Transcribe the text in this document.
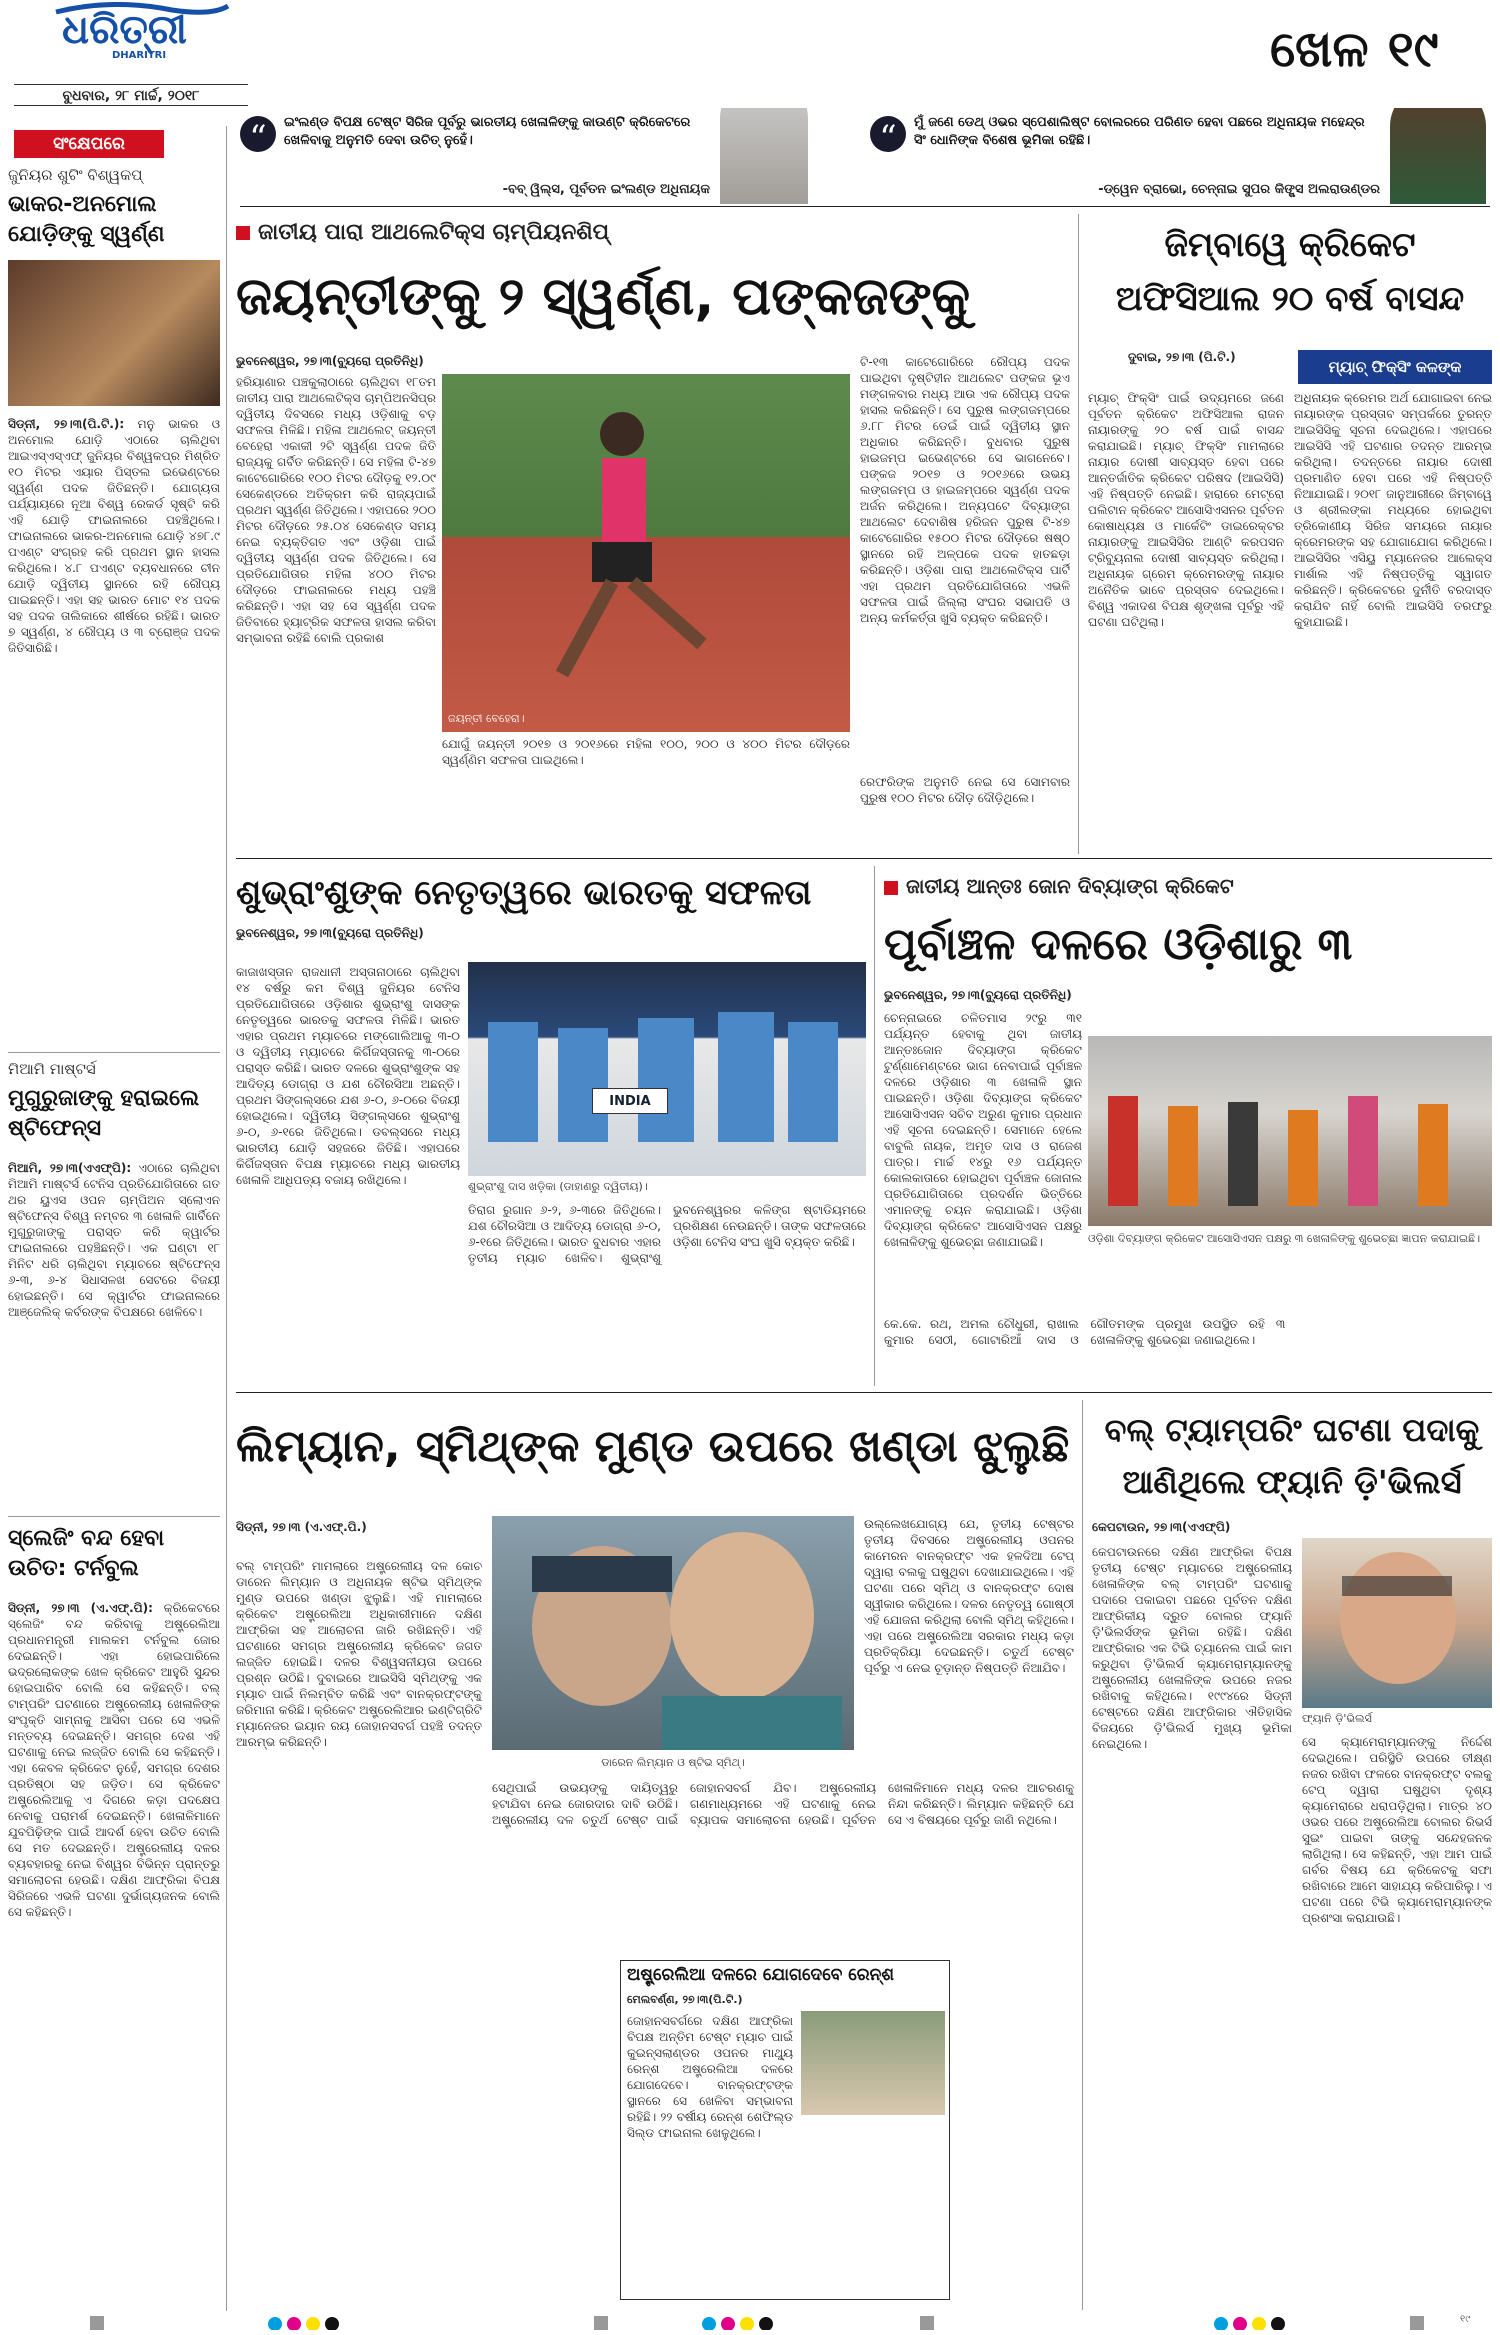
ଧରିତ୍ରୀ
DHARITRI
ବୁଧବାର, ୨୮ ମାର୍ଚ୍ଚ, ୨୦୧୮
ଖେଳ ୧୯
“	ଇଂଲଣ୍ଡ ବିପକ୍ଷ ଟେଷ୍ଟ ସିରିଜ ପୂର୍ବରୁ ଭାରତୀୟ ଖେଳାଳିଙ୍କୁ କାଉଣ୍ଟି କ୍ରିକେଟରେ ଖେଳିବାକୁ ଅନୁମତି ଦେବା ଉଚିତ୍ ନୁହେଁ।
-ବବ୍ ୱିଲ୍ସ, ପୂର୍ବତନ ଇଂଲଣ୍ଡ ଅଧିନାୟକ
“	ମୁଁ ଜଣେ ଡେଥ୍ ଓଭର ସ୍ପେଶାଲିଷ୍ଟ ବୋଲରରେ ପରିଣତ ହେବା ପଛରେ ଅଧିନାୟକ ମହେନ୍ଦ୍ର ସିଂ ଧୋନିଙ୍କ ବିଶେଷ ଭୂମିକା ରହିଛି।
-ଡ୍ୱେନ ବ୍ରାଭୋ, ଚେନ୍ନାଇ ସୁପର କିଙ୍ଗ୍ସ ଅଲରାଉଣ୍ଡର
ସଂକ୍ଷେପରେ
ଜୁନିୟର ଶୁଟିଂ ବିଶ୍ୱକପ୍
ଭାକର-ଅନମୋଲ ଯୋଡ଼ିଙ୍କୁ ସ୍ୱର୍ଣ୍ଣ
ସିଡ୍‌ନୀ, ୨୭।୩(ପି.ଟି.): ମନୁ ଭାକର ଓ ଅନମୋଲ ଯୋଡ଼ି ଏଠାରେ ଚାଲିଥିବା ଆଇଏସ୍‌ଏସ୍‌ଏଫ୍ ଜୁନିୟର ବିଶ୍ୱକପ୍‌ର ମିଶ୍ରିତ ୧୦ ମିଟର ଏୟାର ପିସ୍ତଲ ଇଭେଣ୍ଟରେ ସ୍ୱର୍ଣ୍ଣ ପଦକ ଜିତିଛନ୍ତି। ଯୋଗ୍ୟତା ପର୍ଯ୍ୟାୟରେ ନୂଆ ବିଶ୍ୱ ରେକର୍ଡ ସୃଷ୍ଟି କରି ଏହି ଯୋଡ଼ି ଫାଇନାଲରେ ପହଞ୍ଚିଥିଲେ। ଫାଇନାଲରେ ଭାକର-ଅନମୋଲ ଯୋଡ଼ି ୪୭୮.୯ ପଏଣ୍ଟ ସଂଗ୍ରହ କରି ପ୍ରଥମ ସ୍ଥାନ ହାସଲ କରିଥିଲେ। ୪.୮ ପଏଣ୍ଟ ବ୍ୟବଧାନରେ ଚୀନ ଯୋଡ଼ି ଦ୍ୱିତୀୟ ସ୍ଥାନରେ ରହି ରୌପ୍ୟ ପାଇଛନ୍ତି। ଏହା ସହ ଭାରତ ମୋଟ ୧୪ ପଦକ ସହ ପଦକ ତାଲିକାରେ ଶୀର୍ଷରେ ରହିଛି। ଭାରତ ୭ ସ୍ୱର୍ଣ୍ଣ, ୪ ରୌପ୍ୟ ଓ ୩ ବ୍ରୋଞ୍ଜ ପଦକ ଜିତିସାରିଛି।
ମିଆମି ମାଷ୍ଟର୍ସ
ମୁଗୁରୁଜାଙ୍କୁ ହରାଇଲେ ଷ୍ଟିଫେନ୍ସ
ମିଆମି, ୨୭।୩(ଏଏଫ୍‌ପି): ଏଠାରେ ଚାଲିଥିବା ମିଆମି ମାଷ୍ଟର୍ସ ଟେନିସ ପ୍ରତିଯୋଗିତାରେ ଗତ ଥର ୟୁଏସ ଓପନ ଚାମ୍ପିଅନ ସ୍ଲୋଏନ ଷ୍ଟିଫେନ୍ସ ବିଶ୍ୱ ନମ୍ବର ୩ ଖେଳାଳି ଗାର୍ବିନେ ମୁଗୁରୁଜାଙ୍କୁ ପରାସ୍ତ କରି କ୍ୱାର୍ଟର ଫାଇନାଲରେ ପହଞ୍ଚିଛନ୍ତି। ଏକ ଘଣ୍ଟା ୧୮ ମିନିଟ ଧରି ଚାଲିଥିବା ମ୍ୟାଚରେ ଷ୍ଟିଫେନ୍ସ ୬-୩, ୬-୪ ସିଧାସଳଖ ସେଟରେ ବିଜୟୀ ହୋଇଛନ୍ତି। ସେ କ୍ୱାର୍ଟର ଫାଇନାଲରେ ଆଞ୍ଜେଲିକ୍ କର୍ବରଙ୍କ ବିପକ୍ଷରେ ଖେଳିବେ।
ସ୍ଲେଜିଂ ବନ୍ଦ ହେବା ଉଚିତ: ଟର୍ନବୁଲ
ସିଡ୍‌ନୀ, ୨୭।୩ (ଏ.ଏଫ୍.ପି): କ୍ରିକେଟରେ ସ୍ଲେଜିଂ ବନ୍ଦ କରିବାକୁ ଅଷ୍ଟ୍ରେଲିଆ ପ୍ରଧାନମନ୍ତ୍ରୀ ମାଲକମ ଟର୍ନବୁଲ ଜୋର ଦେଇଛନ୍ତି। ଏହା ହୋଇପାରିଲେ ଭଦ୍ରଲୋକଙ୍କ ଖେଳ କ୍ରିକେଟ ଆହୁରି ସୁନ୍ଦର ହୋଇପାରିବ ବୋଲି ସେ କହିଛନ୍ତି। ବଲ୍ ଟାମ୍ପରିଂ ଘଟଣାରେ ଅଷ୍ଟ୍ରେଲୀୟ ଖେଳାଳିଙ୍କ ସଂପୃକ୍ତି ସାମ୍ନାକୁ ଆସିବା ପରେ ସେ ଏଭଳି ମନ୍ତବ୍ୟ ଦେଇଛନ୍ତି। ସମଗ୍ର ଦେଶ ଏହି ଘଟଣାକୁ ନେଇ ଲଜ୍ଜିତ ବୋଲି ସେ କହିଛନ୍ତି। ଏହା କେବଳ କ୍ରିକେଟ ନୁହେଁ, ସମଗ୍ର ଦେଶର ପ୍ରତିଷ୍ଠା ସହ ଜଡ଼ିତ। ସେ କ୍ରିକେଟ ଅଷ୍ଟ୍ରେଲିଆକୁ ଏ ଦିଗରେ କଡ଼ା ପଦକ୍ଷେପ ନେବାକୁ ପରାମର୍ଶ ଦେଇଛନ୍ତି। ଖେଳାଳିମାନେ ଯୁବପିଢ଼ିଙ୍କ ପାଇଁ ଆଦର୍ଶ ହେବା ଉଚିତ ବୋଲି ସେ ମତ ଦେଇଛନ୍ତି। ଅଷ୍ଟ୍ରେଲୀୟ ଦଳର ବ୍ୟବହାରକୁ ନେଇ ବିଶ୍ୱର ବିଭିନ୍ନ ପ୍ରାନ୍ତରୁ ସମାଲୋଚନା ହେଉଛି। ଦକ୍ଷିଣ ଆଫ୍ରିକା ବିପକ୍ଷ ସିରିଜରେ ଏଭଳି ଘଟଣା ଦୁର୍ଭାଗ୍ୟଜନକ ବୋଲି ସେ କହିଛନ୍ତି।
ଜାତୀୟ ପାରା ଆଥଲେଟିକ୍ସ ଚାମ୍ପିୟନଶିପ୍
ଜୟନ୍ତୀଙ୍କୁ ୨ ସ୍ୱର୍ଣ୍ଣ, ପଙ୍କଜଙ୍କୁ
ଭୁବନେଶ୍ୱର, ୨୭।୩(ବ୍ୟୁରୋ ପ୍ରତିନିଧି)
ହରିୟାଣାର ପଞ୍ଚକୁଲାଠାରେ ଚାଲିଥିବା ୧୮ତମ ଜାତୀୟ ପାରା ଆଥଲେଟିକ୍ସ ଚାମ୍ପିଅନସିପ୍‌ର ଦ୍ୱିତୀୟ ଦିବସରେ ମଧ୍ୟ ଓଡ଼ିଶାକୁ ବଡ଼ ସଫଳତା ମିଳିଛି। ମହିଳା ଆଥଲେଟ୍ ଜୟନ୍ତୀ ବେହେରା ଏକାକୀ ୨ଟି ସ୍ୱର୍ଣ୍ଣ ପଦକ ଜିତି ରାଜ୍ୟକୁ ଗର୍ବିତ କରିଛନ୍ତି। ସେ ମହିଳା ଟି-୪୭ କାଟେଗୋରିରେ ୧୦୦ ମିଟର ଦୌଡ଼କୁ ୧୨.୦୯ ସେକେଣ୍ଡରେ ଅତିକ୍ରମ କରି ରାଜ୍ୟପାଇଁ ପ୍ରଥମ ସ୍ୱର୍ଣ୍ଣ ଜିତିଥିଲେ। ଏହାପରେ ୨୦୦ ମିଟର ଦୌଡ଼ରେ ୨୫.୦୪ ସେକେଣ୍ଡ ସମୟ ନେଇ ବ୍ୟକ୍ତିଗତ ଏବଂ ଓଡ଼ିଶା ପାଇଁ ଦ୍ୱିତୀୟ ସ୍ୱର୍ଣ୍ଣ ପଦକ ଜିତିଥିଲେ। ସେ ପ୍ରତିଯୋଗିତାର ମହିଳା ୪୦୦ ମିଟର ଦୌଡ଼ରେ ଫାଇନାଲରେ ମଧ୍ୟ ପହଞ୍ଚି କରିଛନ୍ତି। ଏହା ସହ ସେ ସ୍ୱର୍ଣ୍ଣ ପଦକ ଜିତିବାରେ ହ୍ୟାଟ୍ରିକ ସଫଳତା ହାସଲ କରିବା ସମ୍ଭାବନା ରହିଛି ବୋଲି ପ୍ରକାଶ
ଜୟନ୍ତୀ ବେହେରା।
ଯୋଗୁଁ ଜୟନ୍ତୀ ୨୦୧୭ ଓ ୨୦୧୬ରେ ମହିଳା ୧୦୦, ୨୦୦ ଓ ୪୦୦ ମିଟର ଦୌଡ଼ରେ ସ୍ୱର୍ଣ୍ଣିମ ସଫଳତା ପାଇଥିଲେ।
ଟି-୧୩ କାଟେଗୋରିରେ ରୌପ୍ୟ ପଦକ ପାଇଥିବା ଦୃଷ୍ଟିହୀନ ଆଥଲେଟ ପଙ୍କଜ ଭୂଏ ମଙ୍ଗଳବାର ମଧ୍ୟ ଆଉ ଏକ ରୌପ୍ୟ ପଦକ ହାସଲ କରିଛନ୍ତି। ସେ ପୁରୁଷ ଲଙ୍ଗଜମ୍ପରେ ୬.୮୮ ମିଟର ଡେଇଁ ପାଇଁ ଦ୍ୱିତୀୟ ସ୍ଥାନ ଅଧିକାର କରିଛନ୍ତି। ବୁଧବାର ପୁରୁଷ ହାଇଜମ୍ପ ଇଭେଣ୍ଟରେ ସେ ଭାଗନେବେ। ପଙ୍କଜ ୨୦୧୭ ଓ ୨୦୧୬ରେ ଉଭୟ ଲଙ୍ଗଜମ୍ପ ଓ ହାଇଜମ୍ପରେ ସ୍ୱର୍ଣ୍ଣ ପଦକ ଅର୍ଜନ କରିଥିଲେ। ଅନ୍ୟପଟେ ଦିବ୍ୟାଙ୍ଗ ଆଥଲେଟ ଦେବାଶିଷ ହରିଜନ ପୁରୁଷ ଟି-୪୭ କାଟେଗୋରିର ୧୫୦୦ ମିଟର ଦୌଡ଼ରେ ଷଷ୍ଠ ସ୍ଥାନରେ ରହି ଅଳ୍ପକେ ପଦକ ହାତଛଡ଼ା କରିଛନ୍ତି। ଓଡ଼ିଶା ପାରା ଆଥଲେଟିକ୍ସ ପାର୍ଟି ଏହା ପ୍ରଥମ ପ୍ରତିଯୋଗିତାରେ ଏଭଳି ସଫଳତା ପାଇଁ ଜିଲ୍ଲା ସଂଘର ସଭାପତି ଓ ଅନ୍ୟ କର୍ମକର୍ତ୍ତା ଖୁସି ବ୍ୟକ୍ତ କରିଛନ୍ତି।
ରେଫରିଙ୍କ ଅନୁମତି ନେଇ ସେ ସୋମବାର ପୁରୁଷ ୧୦୦ ମିଟର ଦୌଡ଼ ଦୌଡ଼ିଥିଲେ।
ଜିମ୍ବାୱେ କ୍ରିକେଟ ଅଫିସିଆଲ ୨୦ ବର୍ଷ ବାସନ୍ଦ
ଦୁବାଇ, ୨୭।୩ (ପି.ଟି.)
ମ୍ୟାଚ୍ ଫିକ୍ସିଂ କଳଙ୍କ
ମ୍ୟାଚ୍ ଫିକ୍ସିଂ ପାଇଁ ଉଦ୍ୟମରେ ଜଣେ ପୂର୍ବତନ କ୍ରିକେଟ ଅଫିସିଆଲ ରାଜନ ନାୟାରଙ୍କୁ ୨୦ ବର୍ଷ ପାଇଁ ବାସନ୍ଦ କରାଯାଇଛି। ମ୍ୟାଚ୍ ଫିକ୍ସିଂ ମାମଲାରେ ନାୟାର ଦୋଷୀ ସାବ୍ୟସ୍ତ ହେବା ପରେ ଆନ୍ତର୍ଜାତିକ କ୍ରିକେଟ ପରିଷଦ (ଆଇସିସି) ଏହି ନିଷ୍ପତ୍ତି ନେଇଛି। ହାରାରେ ମେଟ୍ରୋ ପଲିଟାନ କ୍ରିକେଟ ଆସୋସିଏସନର ପୂର୍ବତନ କୋଷାଧ୍ୟକ୍ଷ ଓ ମାର୍କେଟିଂ ଡାଇରେକ୍ଟର ନାୟାରଙ୍କୁ ଆଇସିସିର ଆଣ୍ଟି କରପସନ ଟ୍ରିବ୍ୟୁନାଲ ଦୋଷୀ ସାବ୍ୟସ୍ତ କରିଥିଲା। ଅଧିନାୟକ ଗ୍ରେମ କ୍ରେମରଙ୍କୁ ନାୟାର ଅନୈତିକ ଭାବେ ପ୍ରସ୍ତାବ ଦେଇଥିଲେ। ବିଶ୍ୱ ଏକାଦଶ ବିପକ୍ଷ ଶୃଙ୍ଖଳା ପୂର୍ବରୁ ଏହି ଘଟଣା ଘଟିଥିଲା।
ଅଧିନାୟକ କ୍ରେମର ଅର୍ଥ ଯୋଗାଇବା ନେଇ ନାୟାରଙ୍କ ପ୍ରସ୍ତାବ ସମ୍ପର୍କରେ ତୁରନ୍ତ ଆଇସିସିକୁ ସୂଚନା ଦେଇଥିଲେ। ଏହାପରେ ଆଇସିସି ଏହି ଘଟଣାର ତଦନ୍ତ ଆରମ୍ଭ କରିଥିଲା। ତଦନ୍ତରେ ନାୟାର ଦୋଷୀ ପ୍ରମାଣିତ ହେବା ପରେ ଏହି ନିଷ୍ପତ୍ତି ନିଆଯାଇଛି। ୨୦୧୮ ଜାନୁଆରୀରେ ଜିମ୍ବାୱେ ଓ ଶ୍ରୀଲଙ୍କା ମଧ୍ୟରେ ହୋଇଥିବା ତ୍ରିକୋଣୀୟ ସିରିଜ ସମୟରେ ନାୟାର କ୍ରେମରଙ୍କ ସହ ଯୋଗାଯୋଗ କରିଥିଲେ। ଆଇସିସିର ଏସିୟୁ ମ୍ୟାନେଜର ଆଲେକ୍ସ ମାର୍ଶାଲ ଏହି ନିଷ୍ପତ୍ତିକୁ ସ୍ୱାଗତ କରିଛନ୍ତି। କ୍ରିକେଟରେ ଦୁର୍ନୀତି ବରଦାସ୍ତ କରାଯିବ ନାହିଁ ବୋଲି ଆଇସିସି ତରଫରୁ କୁହାଯାଇଛି।
ଶୁଭ୍ରାଂଶୁଙ୍କ ନେତୃତ୍ୱରେ ଭାରତକୁ ସଫଳତା
ଭୁବନେଶ୍ୱର, ୨୭।୩(ବ୍ୟୁରୋ ପ୍ରତିନିଧି)
କାଜାଖସ୍ତାନ ରାଜଧାନୀ ଅସ୍ତାନାଠାରେ ଚାଲିଥିବା ୧୪ ବର୍ଷରୁ କମ ବିଶ୍ୱ ଜୁନିୟର ଟେନିସ ପ୍ରତିଯୋଗିତାରେ ଓଡ଼ିଶାର ଶୁଭ୍ରାଂଶୁ ଦାସଙ୍କ ନେତୃତ୍ୱରେ ଭାରତକୁ ସଫଳତା ମିଳିଛି। ଭାରତ ଏହାର ପ୍ରଥମ ମ୍ୟାଚରେ ମଙ୍ଗୋଲିଆକୁ ୩-୦ ଓ ଦ୍ୱିତୀୟ ମ୍ୟାଚରେ କିର୍ଗିଜସ୍ତାନକୁ ୩-୦ରେ ପରାସ୍ତ କରିଛି। ଭାରତ ଦଳରେ ଶୁଭ୍ରାଂଶୁଙ୍କ ସହ ଆଦିତ୍ୟ ଡୋଗ୍ରା ଓ ଯଶ ଚୌରସିଆ ଅଛନ୍ତି। ପ୍ରଥମ ସିଙ୍ଗଲ୍ସରେ ଯଶ ୬-୦, ୬-୦ରେ ବିଜୟୀ ହୋଇଥିଲେ। ଦ୍ୱିତୀୟ ସିଙ୍ଗଲ୍ସରେ ଶୁଭ୍ରାଂଶୁ ୬-୦, ୬-୧ରେ ଜିତିଥିଲେ। ଡବଲ୍ସରେ ମଧ୍ୟ ଭାରତୀୟ ଯୋଡ଼ି ସହଜରେ ଜିତିଛି। ଏହାପରେ କିର୍ଗିଜସ୍ତାନ ବିପକ୍ଷ ମ୍ୟାଚରେ ମଧ୍ୟ ଭାରତୀୟ ଖେଳାଳି ଆଧିପତ୍ୟ ବଜାୟ ରଖିଥିଲେ।
INDIA
ଶୁଭ୍ରାଂଶୁ ଦାସ ଖଡ଼ିକା (ଡାହାଣରୁ ଦ୍ୱିତୀୟ)।
ତିରାଗ ରୁଗାନ ୬-୨, ୬-୩ରେ ଜିତିଥିଲେ। ଯଶ ଚୌରସିଆ ଓ ଆଦିତ୍ୟ ଡୋଗ୍ରା ୬-୦, ୬-୧ରେ ଜିତିଥିଲେ। ଭାରତ ବୁଧବାର ଏହାର ତୃତୀୟ ମ୍ୟାଚ ଖେଳିବ। ଶୁଭ୍ରାଂଶୁ ଭୁବନେଶ୍ୱରର କଳିଙ୍ଗ ଷ୍ଟାଡିୟମରେ ପ୍ରଶିକ୍ଷଣ ନେଉଛନ୍ତି। ତାଙ୍କ ସଫଳତାରେ ଓଡ଼ିଶା ଟେନିସ ସଂଘ ଖୁସି ବ୍ୟକ୍ତ କରିଛି।
ଜାତୀୟ ଆନ୍ତଃ ଜୋନ ଦିବ୍ୟାଙ୍ଗ କ୍ରିକେଟ
ପୂର୍ବାଞ୍ଚଳ ଦଳରେ ଓଡ଼ିଶାରୁ ୩
ଭୁବନେଶ୍ୱର, ୨୭।୩(ବ୍ୟୁରୋ ପ୍ରତିନିଧି)
ଚେନ୍ନାଇରେ ଚଳିତମାସ ୨୯ରୁ ୩୧ ପର୍ଯ୍ୟନ୍ତ ହେବାକୁ ଥିବା ଜାତୀୟ ଆନ୍ତଃଜୋନ ଦିବ୍ୟାଙ୍ଗ କ୍ରିକେଟ ଟୁର୍ଣ୍ଣାମେଣ୍ଟରେ ଭାଗ ନେବାପାଇଁ ପୂର୍ବାଞ୍ଚଳ ଦଳରେ ଓଡ଼ିଶାର ୩ ଖେଳାଳି ସ୍ଥାନ ପାଇଛନ୍ତି। ଓଡ଼ିଶା ଦିବ୍ୟାଙ୍ଗ କ୍ରିକେଟ ଆସୋସିଏସନ ସଚିବ ଅରୁଣ କୁମାର ପ୍ରଧାନ ଏହି ସୂଚନା ଦେଇଛନ୍ତି। ସେମାନେ ହେଲେ ବାବୁଲି ନାୟକ, ଅମୃତ ଦାସ ଓ ରାଜେଶ ପାତ୍ର। ମାର୍ଚ୍ଚ ୧୪ରୁ ୧୬ ପର୍ଯ୍ୟନ୍ତ କୋଲକାତାରେ ହୋଇଥିବା ପୂର୍ବାଞ୍ଚଳ ଜୋନାଲ ପ୍ରତିଯୋଗିତାରେ ପ୍ରଦର୍ଶନ ଭିତ୍ତିରେ ଏମାନଙ୍କୁ ଚୟନ କରାଯାଇଛି। ଓଡ଼ିଶା ଦିବ୍ୟାଙ୍ଗ କ୍ରିକେଟ ଆସୋସିଏସନ ପକ୍ଷରୁ ଖେଳାଳିଙ୍କୁ ଶୁଭେଚ୍ଛା ଜଣାଯାଇଛି।	ଓଡ଼ିଶା ଦିବ୍ୟାଙ୍ଗ କ୍ରିକେଟ ଆସୋସିଏସନ ପକ୍ଷରୁ ୩ ଖେଳାଳିଙ୍କୁ ଶୁଭେଚ୍ଛା ଜ୍ଞାପନ କରାଯାଇଛି।
କେ.କେ. ରଥ, ଅମଲ ଚୌଧୁରୀ, ରାଖାଲ କୁମାର ସେଠୀ, ଗୋଟାରିଆଁ ଦାସ ଓ ଗୌତମଙ୍କ ପ୍ରମୁଖ ଉପସ୍ଥିତ ରହି ୩ ଖେଳାଳିଙ୍କୁ ଶୁଭେଚ୍ଛା ଜଣାଇଥିଲେ।
ଲିମ୍ୟାନ, ସ୍ମିଥ୍‌ଙ୍କ ମୁଣ୍ଡ ଉପରେ ଖଣ୍ଡା ଝୁଲୁଛି
ସିଡ୍‌ନୀ, ୨୭।୩ (ଏ.ଏଫ୍.ପି.)
ବଲ୍ ଟାମ୍ପରିଂ ମାମଲାରେ ଅଷ୍ଟ୍ରେଲୀୟ ଦଳ କୋଚ ଡାରେନ ଲିମ୍ୟାନ ଓ ଅଧିନାୟକ ଷ୍ଟିଭ ସ୍ମିଥ୍‌ଙ୍କ ମୁଣ୍ଡ ଉପରେ ଖଣ୍ଡା ଝୁଲୁଛି। ଏହି ମାମଲାରେ କ୍ରିକେଟ ଅଷ୍ଟ୍ରେଲିଆ ଅଧିକାରୀମାନେ ଦକ୍ଷିଣ ଆଫ୍ରିକା ସହ ଆଲୋଚନା ଜାରି ରଖିଛନ୍ତି। ଏହି ଘଟଣାରେ ସମଗ୍ର ଅଷ୍ଟ୍ରେଲୀୟ କ୍ରିକେଟ ଜଗତ ଲଜ୍ଜିତ ହୋଇଛି। ଦଳର ବିଶ୍ୱସନୀୟତା ଉପରେ ପ୍ରଶ୍ନ ଉଠିଛି। ଦୁବାଇରେ ଆଇସିସି ସ୍ମିଥ୍‌ଙ୍କୁ ଏକ ମ୍ୟାଚ ପାଇଁ ନିଲମ୍ବିତ କରିଛି ଏବଂ ବାନକ୍ରଫ୍ଟଙ୍କୁ ଜରିମାନା କରିଛି। କ୍ରିକେଟ ଅଷ୍ଟ୍ରେଲିଆର ଇଣ୍ଟିଗ୍ରିଟି ମ୍ୟାନେଜର ଇୟାନ ରୟ ଜୋହାନସବର୍ଗ ପହଞ୍ଚି ତଦନ୍ତ ଆରମ୍ଭ କରିଛନ୍ତି।
ଡାରେନ ଲିମ୍ୟାନ ଓ ଷ୍ଟିଭ ସ୍ମିଥ୍।
ଉଲ୍ଲେଖଯୋଗ୍ୟ ଯେ, ତୃତୀୟ ଟେଷ୍ଟର ତୃତୀୟ ଦିବସରେ ଅଷ୍ଟ୍ରେଲୀୟ ଓପନର କାମେରନ ବାନକ୍ରଫ୍ଟ ଏକ ହଳଦିଆ ଟେପ୍ ଦ୍ୱାରା ବଲକୁ ଘଷୁଥିବା ଦେଖାଯାଇଥିଲେ। ଏହି ଘଟଣା ପରେ ସ୍ମିଥ୍ ଓ ବାନକ୍ରଫ୍ଟ ଦୋଷ ସ୍ୱୀକାର କରିଥିଲେ। ଦଳର ନେତୃତ୍ୱ ଗୋଷ୍ଠୀ ଏହି ଯୋଜନା କରିଥିଲା ବୋଲି ସ୍ମିଥ୍ କହିଥିଲେ। ଏହା ପରେ ଅଷ୍ଟ୍ରେଲିଆ ସରକାର ମଧ୍ୟ କଡ଼ା ପ୍ରତିକ୍ରିୟା ଦେଇଛନ୍ତି। ଚତୁର୍ଥ ଟେଷ୍ଟ ପୂର୍ବରୁ ଏ ନେଇ ଚୂଡ଼ାନ୍ତ ନିଷ୍ପତ୍ତି ନିଆଯିବ।
ସେଥିପାଇଁ ଉଭୟଙ୍କୁ ଦାୟିତ୍ୱରୁ ହଟାଯିବା ନେଇ ଜୋରଦାର ଦାବି ଉଠିଛି। ଅଷ୍ଟ୍ରେଲୀୟ ଦଳ ଚତୁର୍ଥ ଟେଷ୍ଟ ପାଇଁ ଜୋହାନସବର୍ଗ ଯିବ। ଅଷ୍ଟ୍ରେଲୀୟ ଗଣମାଧ୍ୟମରେ ଏହି ଘଟଣାକୁ ନେଇ ବ୍ୟାପକ ସମାଲୋଚନା ହେଉଛି। ପୂର୍ବତନ ଖେଳାଳିମାନେ ମଧ୍ୟ ଦଳର ଆଚରଣକୁ ନିନ୍ଦା କରିଛନ୍ତି। ଲିମ୍ୟାନ କହିଛନ୍ତି ଯେ ସେ ଏ ବିଷୟରେ ପୂର୍ବରୁ ଜାଣି ନଥିଲେ।
ଅଷ୍ଟ୍ରେଲିଆ ଦଳରେ ଯୋଗଦେବେ ରେନ୍‌ଶ
ମେଲବର୍ଣ୍ଣ, ୨୭।୩(ପି.ଟି.)
ଜୋହାନସବର୍ଗରେ ଦକ୍ଷିଣ ଆଫ୍ରିକା ବିପକ୍ଷ ଅନ୍ତିମ ଟେଷ୍ଟ ମ୍ୟାଚ ପାଇଁ କୁଇନ୍‌ସଲାଣ୍ଡର ଓପନର ମାଥ୍ୟୁ ରେନ୍‌ଶ ଅଷ୍ଟ୍ରେଲିଆ ଦଳରେ ଯୋଗଦେବେ। ବାନକ୍ରଫ୍ଟଙ୍କ ସ୍ଥାନରେ ସେ ଖେଳିବା ସମ୍ଭାବନା ରହିଛି। ୨୨ ବର୍ଷୀୟ ରେନ୍‌ଶ ଶେଫିଲ୍ଡ ସିଲ୍ଡ ଫାଇନାଲ ଖେଳୁଥିଲେ।
ବଲ୍ ଟ୍ୟାମ୍ପରିଂ ଘଟଣା ପଦାକୁ ଆଣିଥିଲେ ଫ୍ୟାନି ଡ଼ି'ଭିଲର୍ସ
କେପଟାଉନ, ୨୭।୩(ଏଏଫ୍‌ପି)
ଫ୍ୟାନି ଡ଼ି'ଭିଲର୍ସ
କେପଟାଉନରେ ଦକ୍ଷିଣ ଆଫ୍ରିକା ବିପକ୍ଷ ତୃତୀୟ ଟେଷ୍ଟ ମ୍ୟାଚରେ ଅଷ୍ଟ୍ରେଲୀୟ ଖେଳାଳିଙ୍କ ବଲ୍ ଟାମ୍ପରିଂ ଘଟଣାକୁ ପଦାରେ ପକାଇବା ପଛରେ ପୂର୍ବତନ ଦକ୍ଷିଣ ଆଫ୍ରିକୀୟ ଦ୍ରୁତ ବୋଲର ଫ୍ୟାନି ଡ଼ି'ଭିଲର୍ସଙ୍କ ଭୂମିକା ରହିଛି। ଦକ୍ଷିଣ ଆଫ୍ରିକାର ଏକ ଟିଭି ଚ୍ୟାନେଲ ପାଇଁ କାମ କରୁଥିବା ଡ଼ି'ଭିଲର୍ସ କ୍ୟାମେରାମ୍ୟାନଙ୍କୁ ଅଷ୍ଟ୍ରେଲୀୟ ଖେଳାଳିଙ୍କ ଉପରେ ନଜର ରଖିବାକୁ କହିଥିଲେ। ୧୯୯୪ରେ ସିଡ୍‌ନୀ ଟେଷ୍ଟରେ ଦକ୍ଷିଣ ଆଫ୍ରିକାର ଐତିହାସିକ ବିଜୟରେ ଡ଼ି'ଭିଲର୍ସ ମୁଖ୍ୟ ଭୂମିକା ନେଇଥିଲେ।	ସେ କ୍ୟାମେରାମ୍ୟାନଙ୍କୁ ନିର୍ଦ୍ଦେଶ ଦେଇଥିଲେ। ପରିସ୍ଥିତି ଉପରେ ତୀକ୍ଷ୍ଣ ନଜର ରଖିବା ଫଳରେ ବାନକ୍ରଫ୍ଟ ବଲକୁ ଟେପ୍ ଦ୍ୱାରା ଘଷୁଥିବା ଦୃଶ୍ୟ କ୍ୟାମେରାରେ ଧରାପଡ଼ିଥିଲା। ମାତ୍ର ୪୦ ଓଭର ପରେ ଅଷ୍ଟ୍ରେଲିଆ ବୋଲର ରିଭର୍ସ ସୁଇଂ ପାଇବା ତାଙ୍କୁ ସନ୍ଦେହଜନକ ଲାଗିଥିଲା। ସେ କହିଛନ୍ତି, ଏହା ଆମ ପାଇଁ ଗର୍ବର ବିଷୟ ଯେ କ୍ରିକେଟକୁ ସଫା ରଖିବାରେ ଆମେ ସାହାଯ୍ୟ କରିପାରିଲୁ। ଏ ଘଟଣା ପରେ ଟିଭି କ୍ୟାମେରାମ୍ୟାନଙ୍କ ପ୍ରଶଂସା କରାଯାଉଛି।

୧୯
